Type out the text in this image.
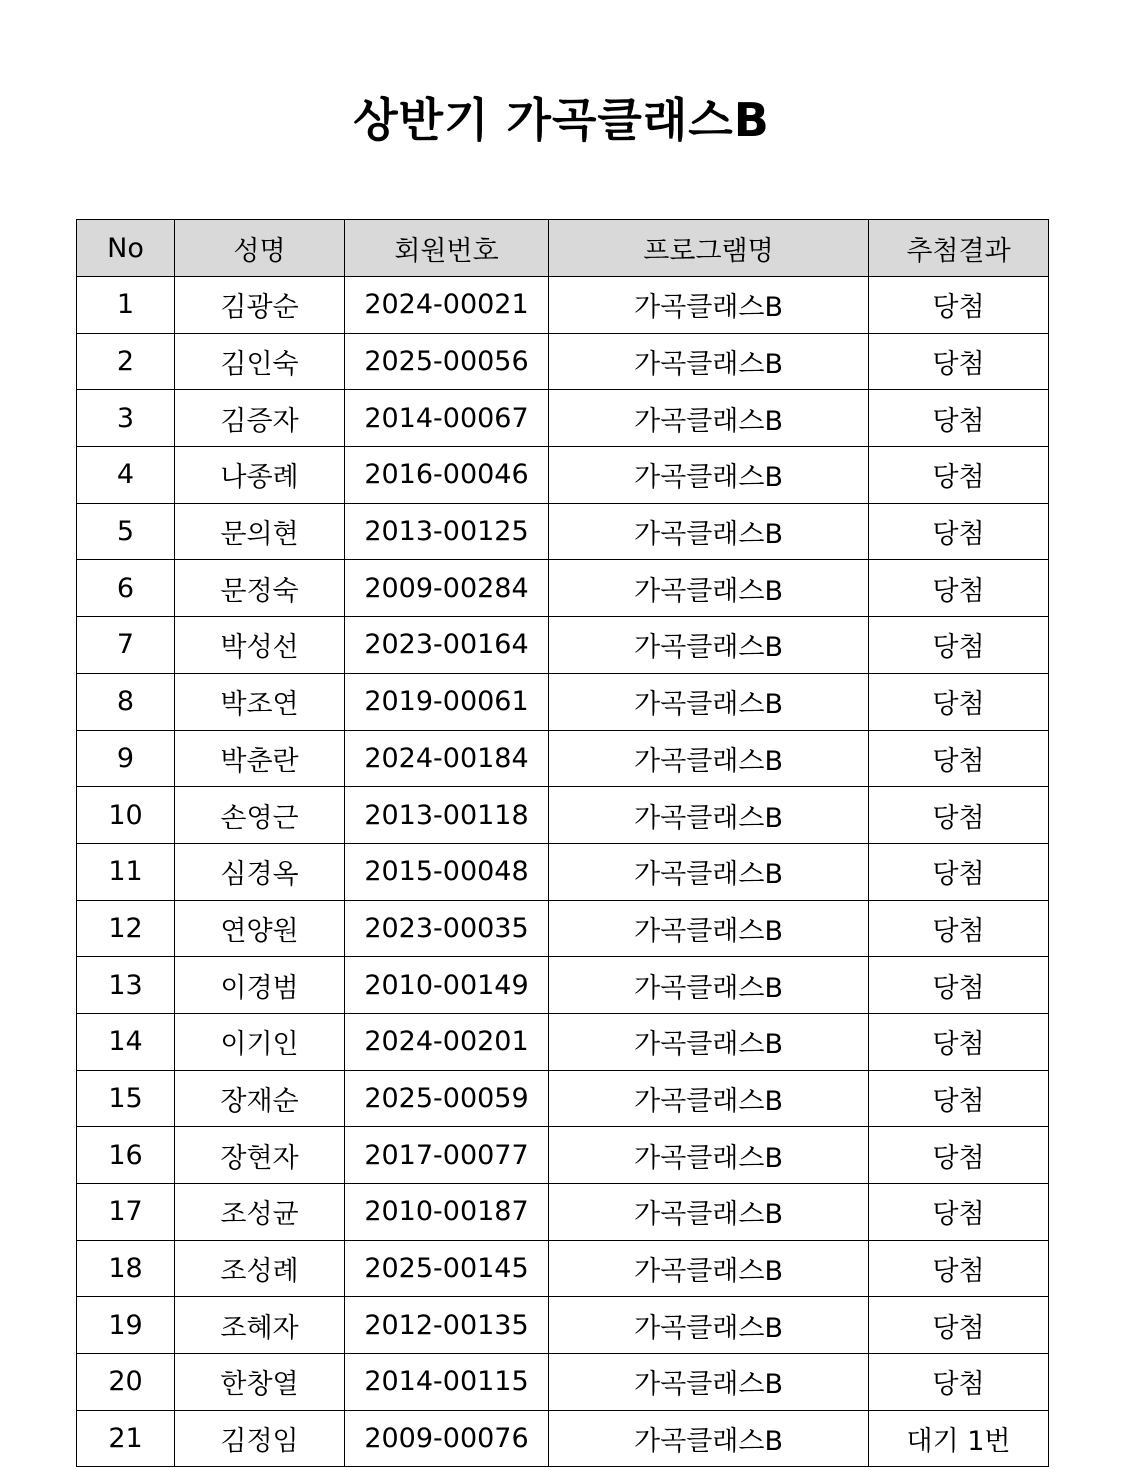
상반기 가곡클래스B
No	성명	회원번호	프로그램명	추첨결과
1	김광순	2024-00021	가곡클래스B	당첨
2	김인숙	2025-00056	가곡클래스B	당첨
3	김증자	2014-00067	가곡클래스B	당첨
4	나종례	2016-00046	가곡클래스B	당첨
5	문의현	2013-00125	가곡클래스B	당첨
6	문정숙	2009-00284	가곡클래스B	당첨
7	박성선	2023-00164	가곡클래스B	당첨
8	박조연	2019-00061	가곡클래스B	당첨
9	박춘란	2024-00184	가곡클래스B	당첨
10	손영근	2013-00118	가곡클래스B	당첨
11	심경옥	2015-00048	가곡클래스B	당첨
12	연양원	2023-00035	가곡클래스B	당첨
13	이경범	2010-00149	가곡클래스B	당첨
14	이기인	2024-00201	가곡클래스B	당첨
15	장재순	2025-00059	가곡클래스B	당첨
16	장현자	2017-00077	가곡클래스B	당첨
17	조성균	2010-00187	가곡클래스B	당첨
18	조성례	2025-00145	가곡클래스B	당첨
19	조혜자	2012-00135	가곡클래스B	당첨
20	한창열	2014-00115	가곡클래스B	당첨
21	김정임	2009-00076	가곡클래스B	대기 1번
